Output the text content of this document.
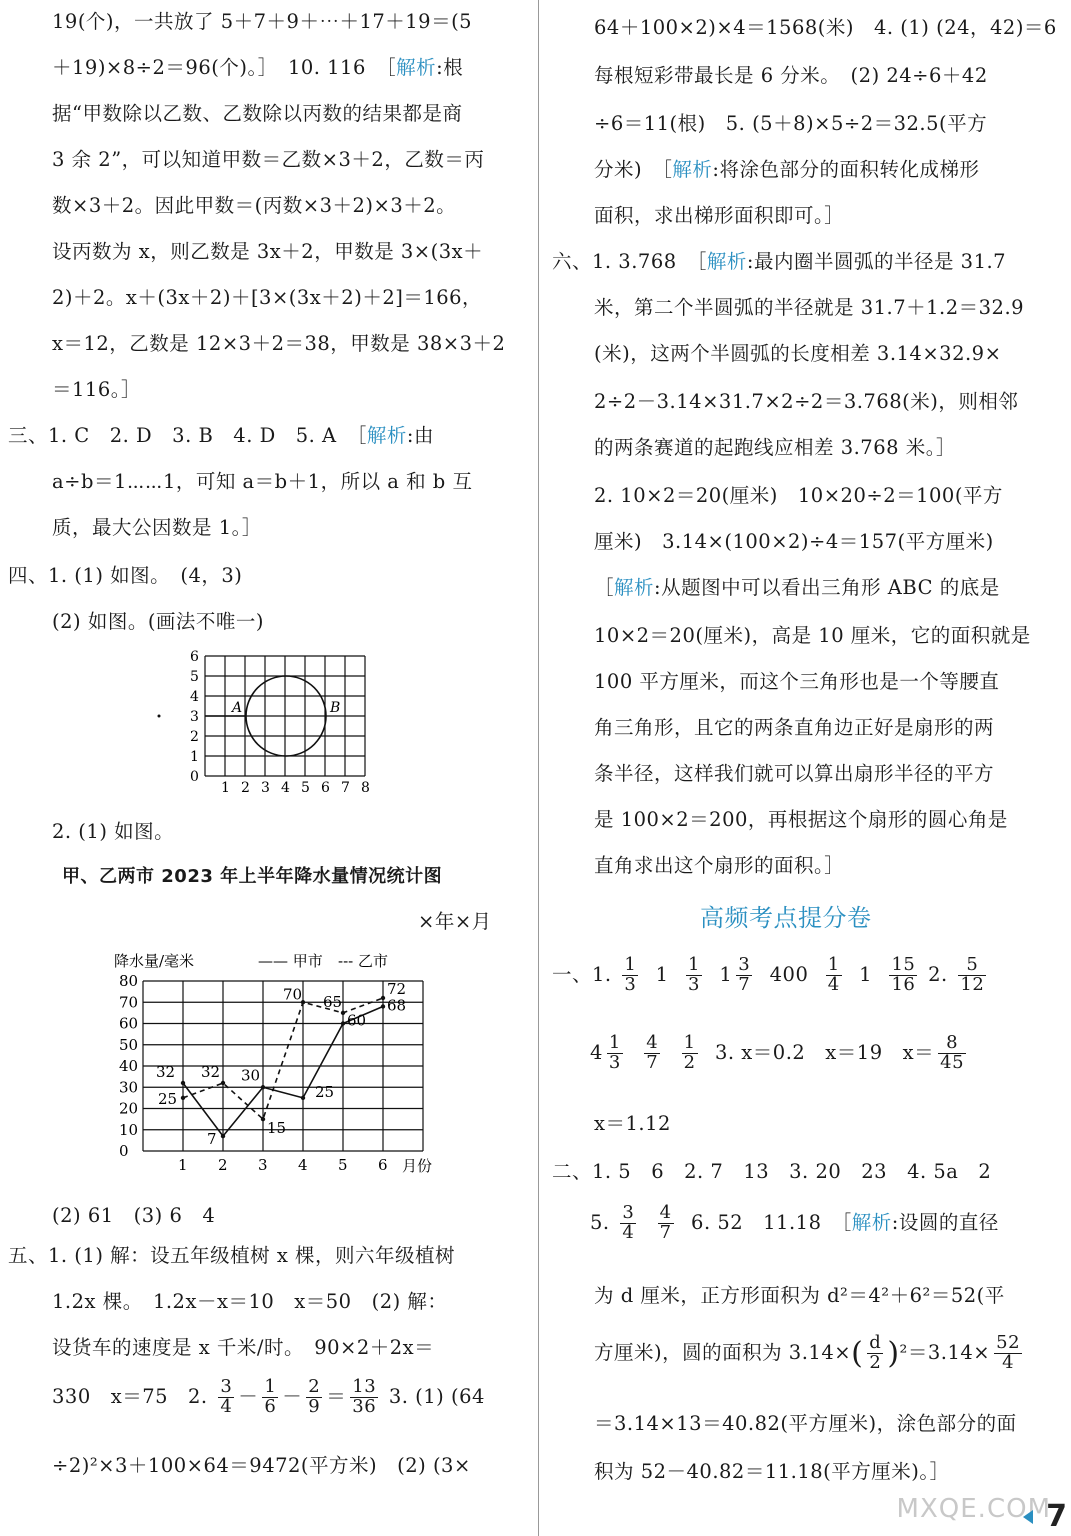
19(个)，一共放了 5＋7＋9＋⋯＋17＋19＝(5
＋19)×8÷2＝96(个)。］　10. 116　［解析:根
据“甲数除以乙数、乙数除以丙数的结果都是商
3 余 2”，可以知道甲数＝乙数×3＋2，乙数＝丙
数×3＋2。因此甲数＝(丙数×3＋2)×3＋2。
设丙数为 x，则乙数是 3x＋2，甲数是 3×(3x＋
2)＋2。x＋(3x＋2)＋[3×(3x＋2)＋2]＝166，
x＝12，乙数是 12×3＋2＝38，甲数是 38×3＋2
＝116。］
三、1. C　2. D　3. B　4. D　5. A　［解析:由
a÷b＝1⋯⋯1，可知 a＝b＋1，所以 a 和 b 互
质，最大公因数是 1。］
四、1. (1) 如图。　(4，3)
(2) 如图。(画法不唯一)
0
1
2
3
4
5
6
1 2 3 4 5 6 7 8
A	B
2. (1) 如图。
甲、乙两市 2023 年上半年降水量情况统计图
×年×月
降水量/毫米	—— 甲市 --- 乙市
0
10
20
30
40
50
60
70
80
1 2 3 4 5 6 月份
32
7
30
25
60
68
25
32
15
70 65
72
(2) 61　(3) 6　4
五、1. (1) 解：设五年级植树 x 棵，则六年级植树
1.2x 棵。　1.2x－x＝10　x＝50　(2) 解：
设货车的速度是 x 千米/时。　90×2＋2x＝
330　x＝75　2. $\frac{3}{4} - \frac{1}{6} - \frac{2}{9} = \frac{13}{36} 3$. (1) (64
÷2)²×3＋100×64＝9472(平方米)　(2) (3×
64＋100×2)×4＝1568(米)　4. (1) (24，42)＝6
每根短彩带最长是 6 分米。　(2) 24÷6＋42
÷6＝11(根)　5. (5＋8)×5÷2＝32.5(平方
分米)　［解析:将涂色部分的面积转化成梯形
面积，求出梯形面积即可。］
六、1. 3.768　［解析:最内圈半圆弧的半径是 31.7
米，第二个半圆弧的半径就是 31.7＋1.2＝32.9
(米)，这两个半圆弧的长度相差 3.14×32.9×
2÷2－3.14×31.7×2÷2＝3.768(米)，则相邻
的两条赛道的起跑线应相差 3.768 米。］
2. 10×2＝20(厘米)　10×20÷2＝100(平方
厘米)　3.14×(100×2)÷4＝157(平方厘米)
［解析:从题图中可以看出三角形 ABC 的底是
10×2＝20(厘米)，高是 10 厘米，它的面积就是
100 平方厘米，而这个三角形也是一个等腰直
角三角形，且它的两条直角边正好是扇形的两
条半径，这样我们就可以算出扇形半径的平方
是 100×2＝200，再根据这个扇形的圆心角是
直角求出这个扇形的面积。］
高频考点提分卷
一、1. $\frac{1}{3} 1 \frac{1}{3} 1 \frac{3}{7} 400 \frac{1}{4} 1 \frac{15}{16} 2$. $\frac{5}{12}$
$4 \frac{1}{3}$
$\frac{4}{7}$
$\frac{1}{2} 3$. x＝0.2　x＝19　$x= \frac{8}{45}$
x＝1.12
二、1. 5　6　2. 7　13　3. 20　23　4. 5a　2
5. $\frac{3}{4}$
$\frac{4}{7} 6$. 52　11.18　［解析:设圆的直径
为 d 厘米，正方形面积为 d²＝4²＋6²＝52(平
方厘米)，圆的面积为 $3.14\times( \frac{d}{2} )^2=3.14\times \frac{52}{4}$
＝3.14×13＝40.82(平方厘米)，涂色部分的面
积为 52－40.82＝11.18(平方厘米)。］
MXQE.COM
7
